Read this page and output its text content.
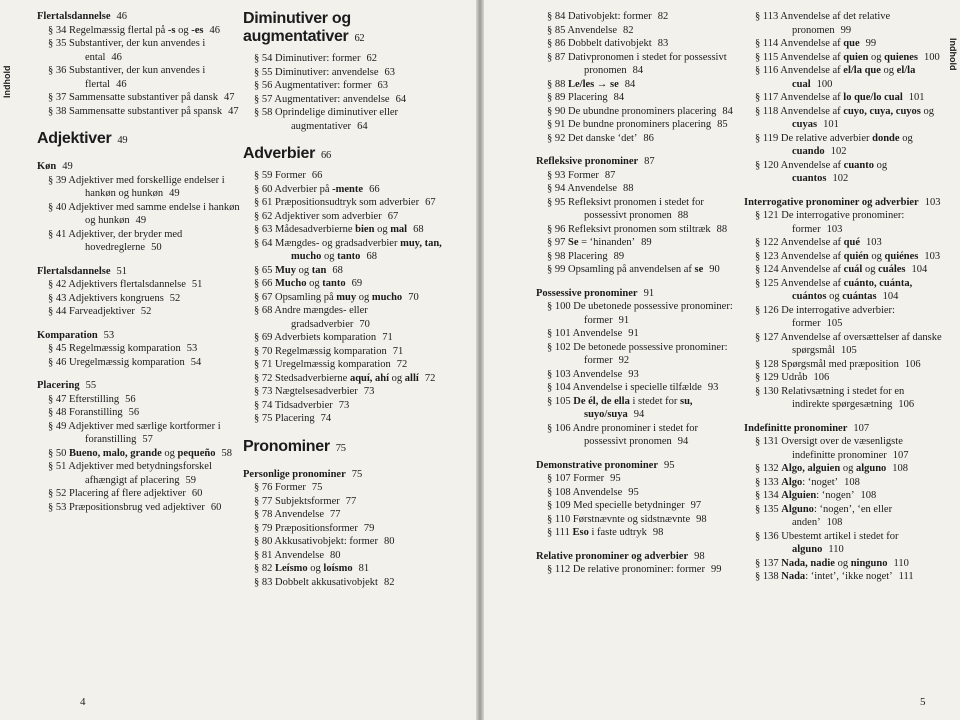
Indhold
Flertalsdannelse 46
§ 34 Regelmæssig flertal på -s og -es 46
§ 35 Substantiver, der kun anvendes i ental 46
§ 36 Substantiver, der kun anvendes i flertal 46
§ 37 Sammensatte substantiver på dansk 47
§ 38 Sammensatte substantiver på spansk 47
Adjektiver 49
Køn 49
§ 39 Adjektiver med forskellige endelser i hankøn og hunkøn 49
§ 40 Adjektiver med samme endelse i hankøn og hunkøn 49
§ 41 Adjektiver, der bryder med hovedreglerne 50
Flertalsdannelse 51
§ 42 Adjektivers flertalsdannelse 51
§ 43 Adjektivers kongruens 52
§ 44 Farveadjektiver 52
Komparation 53
§ 45 Regelmæssig komparation 53
§ 46 Uregelmæssig komparation 54
Placering 55
§ 47 Efterstilling 56
§ 48 Foranstilling 56
§ 49 Adjektiver med særlige kortformer i foranstilling 57
§ 50 Bueno, malo, grande og pequeño 58
§ 51 Adjektiver med betydningsforskel afhængigt af placering 59
§ 52 Placering af flere adjektiver 60
§ 53 Præpositionsbrug ved adjektiver 60
Diminutiver og augmentativer 62
§ 54 Diminutiver: former 62
§ 55 Diminutiver: anvendelse 63
§ 56 Augmentativer: former 63
§ 57 Augmentativer: anvendelse 64
§ 58 Oprindelige diminutiver eller augmentativer 64
Adverbier 66
§ 59 Former 66
§ 60 Adverbier på -mente 66
§ 61 Præpositionsudtryk som adverbier 67
§ 62 Adjektiver som adverbier 67
§ 63 Mådesadverbierne bien og mal 68
§ 64 Mængdes- og gradsadverbier muy, tan, mucho og tanto 68
§ 65 Muy og tan 68
§ 66 Mucho og tanto 69
§ 67 Opsamling på muy og mucho 70
§ 68 Andre mængdes- eller gradsadverbier 70
§ 69 Adverbiets komparation 71
§ 70 Regelmæssig komparation 71
§ 71 Uregelmæssig komparation 72
§ 72 Stedsadverbierne aquí, ahí og allí 72
§ 73 Nægtelsesadverbier 73
§ 74 Tidsadverbier 73
§ 75 Placering 74
Pronominer 75
Personlige pronominer 75
§ 76 Former 75
§ 77 Subjektsformer 77
§ 78 Anvendelse 77
§ 79 Præpositionsformer 79
§ 80 Akkusativobjekt: former 80
§ 81 Anvendelse 80
§ 82 Leísmo og loísmo 81
§ 83 Dobbelt akkusativobjekt 82
4
§ 84 Dativobjekt: former 82
§ 85 Anvendelse 82
§ 86 Dobbelt dativobjekt 83
§ 87 Dativpronomen i stedet for possessivt pronomen 84
§ 88 Le/les → se 84
§ 89 Placering 84
§ 90 De ubundne pronominers placering 84
§ 91 De bundne pronominers placering 85
§ 92 Det danske ‘det’ 86
Refleksive pronominer 87
§ 93 Former 87
§ 94 Anvendelse 88
§ 95 Refleksivt pronomen i stedet for possessivt pronomen 88
§ 96 Refleksivt pronomen som stiltræk 88
§ 97 Se = ‘hinanden’ 89
§ 98 Placering 89
§ 99 Opsamling på anvendelsen af se 90
Possessive pronominer 91
§ 100 De ubetonede possessive pronominer: former 91
§ 101 Anvendelse 91
§ 102 De betonede possessive pronominer: former 92
§ 103 Anvendelse 93
§ 104 Anvendelse i specielle tilfælde 93
§ 105 De él, de ella i stedet for su, suyo/suya 94
§ 106 Andre pronominer i stedet for possessivt pronomen 94
Demonstrative pronominer 95
§ 107 Former 95
§ 108 Anvendelse 95
§ 109 Med specielle betydninger 97
§ 110 Førstnævnte og sidstnævnte 98
§ 111 Eso i faste udtryk 98
Relative pronominer og adverbier 98
§ 112 De relative pronominer: former 99
§ 113 Anvendelse af det relative pronomen 99
§ 114 Anvendelse af que 99
§ 115 Anvendelse af quien og quienes 100
§ 116 Anvendelse af el/la que og el/la cual 100
§ 117 Anvendelse af lo que/lo cual 101
§ 118 Anvendelse af cuyo, cuya, cuyos og cuyas 101
§ 119 De relative adverbier donde og cuando 102
§ 120 Anvendelse af cuanto og cuantos 102
Interrogative pronominer og adverbier 103
§ 121 De interrogative pronominer: former 103
§ 122 Anvendelse af qué 103
§ 123 Anvendelse af quién og quiénes 103
§ 124 Anvendelse af cuál og cuáles 104
§ 125 Anvendelse af cuánto, cuánta, cuántos og cuántas 104
§ 126 De interrogative adverbier: former 105
§ 127 Anvendelse af oversættelser af danske spørgsmål 105
§ 128 Spørgsmål med præposition 106
§ 129 Udråb 106
§ 130 Relativsætning i stedet for en indirekte spørgesætning 106
Indefinitte pronominer 107
§ 131 Oversigt over de væsenligste indefinitte pronominer 107
§ 132 Algo, alguien og alguno 108
§ 133 Algo: ‘noget’ 108
§ 134 Alguien: ‘nogen’ 108
§ 135 Alguno: ‘nogen’, ‘en eller anden’ 108
§ 136 Ubestemt artikel i stedet for alguno 110
§ 137 Nada, nadie og ninguno 110
§ 138 Nada: ‘intet’, ‘ikke noget’ 111
Indhold
5
